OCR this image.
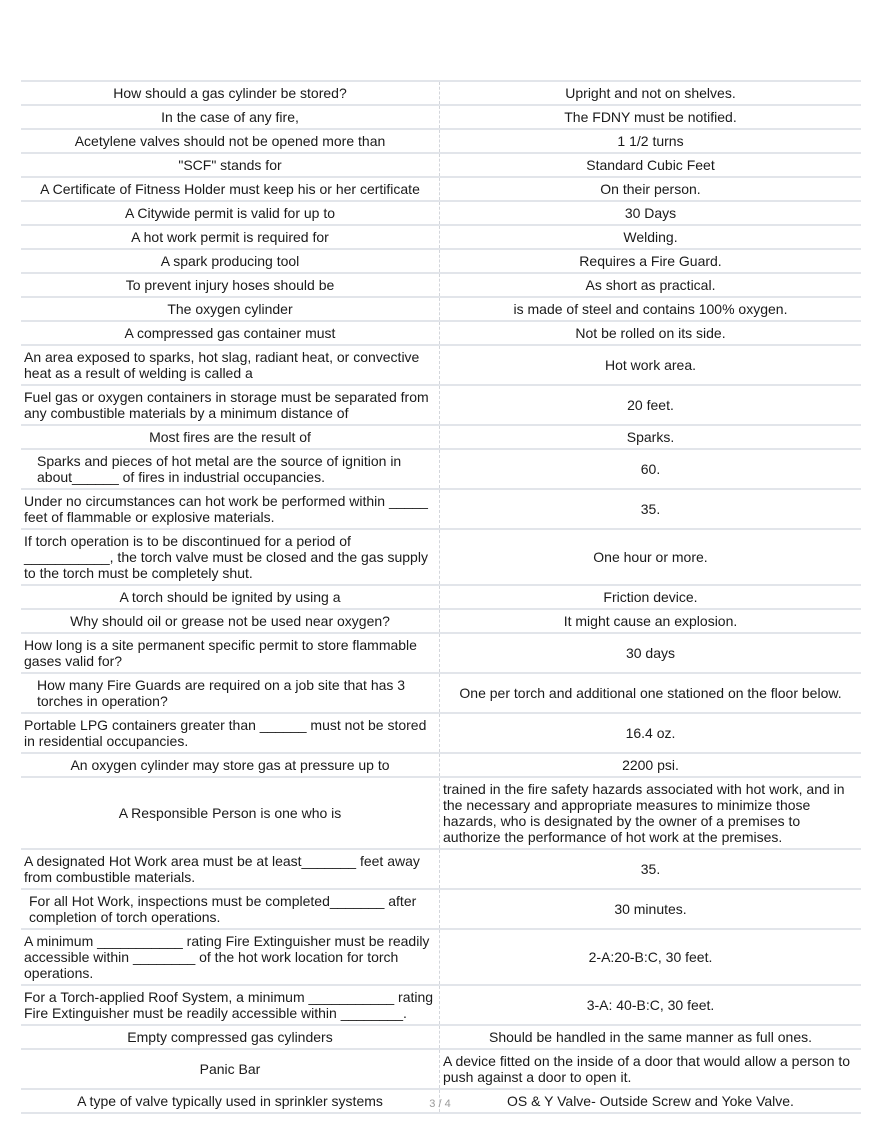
How should a gas cylinder be stored?	Upright and not on shelves.
In the case of any fire,	The FDNY must be notified.
Acetylene valves should not be opened more than	1 1/2 turns
"SCF" stands for	Standard Cubic Feet
A Certificate of Fitness Holder must keep his or her certificate	On their person.
A Citywide permit is valid for up to	30 Days
A hot work permit is required for	Welding.
A spark producing tool	Requires a Fire Guard.
To prevent injury hoses should be	As short as practical.
The oxygen cylinder	is made of steel and contains 100% oxygen.
A compressed gas container must	Not be rolled on its side.
An area exposed to sparks, hot slag, radiant heat, or convective heat as a result of welding is called a	Hot work area.
Fuel gas or oxygen containers in storage must be separated from any combustible materials by a minimum distance of	20 feet.
Most fires are the result of	Sparks.
Sparks and pieces of hot metal are the source of ignition in about______ of fires in industrial occupancies.	60.
Under no circumstances can hot work be performed within _____ feet of flammable or explosive materials.	35.
If torch operation is to be discontinued for a period of ___________, the torch valve must be closed and the gas supply to the torch must be completely shut.	One hour or more.
A torch should be ignited by using a	Friction device.
Why should oil or grease not be used near oxygen?	It might cause an explosion.
How long is a site permanent specific permit to store flammable gases valid for?	30 days
How many Fire Guards are required on a job site that has 3 torches in operation?	One per torch and additional one stationed on the floor below.
Portable LPG containers greater than ______ must not be stored in residential occupancies.	16.4 oz.
An oxygen cylinder may store gas at pressure up to	2200 psi.
A Responsible Person is one who is	trained in the fire safety hazards associated with hot work, and in the necessary and appropriate measures to minimize those hazards, who is designated by the owner of a premises to authorize the performance of hot work at the premises.
A designated Hot Work area must be at least_______ feet away from combustible materials.	35.
For all Hot Work, inspections must be completed_______ after completion of torch operations.	30 minutes.
A minimum ___________ rating Fire Extinguisher must be readily accessible within ________ of the hot work location for torch operations.	2-A:20-B:C, 30 feet.
For a Torch-applied Roof System, a minimum ___________ rating Fire Extinguisher must be readily accessible within ________.	3-A: 40-B:C, 30 feet.
Empty compressed gas cylinders	Should be handled in the same manner as full ones.
Panic Bar	A device fitted on the inside of a door that would allow a person to push against a door to open it.
A type of valve typically used in sprinkler systems	OS & Y Valve- Outside Screw and Yoke Valve.
3 / 4
